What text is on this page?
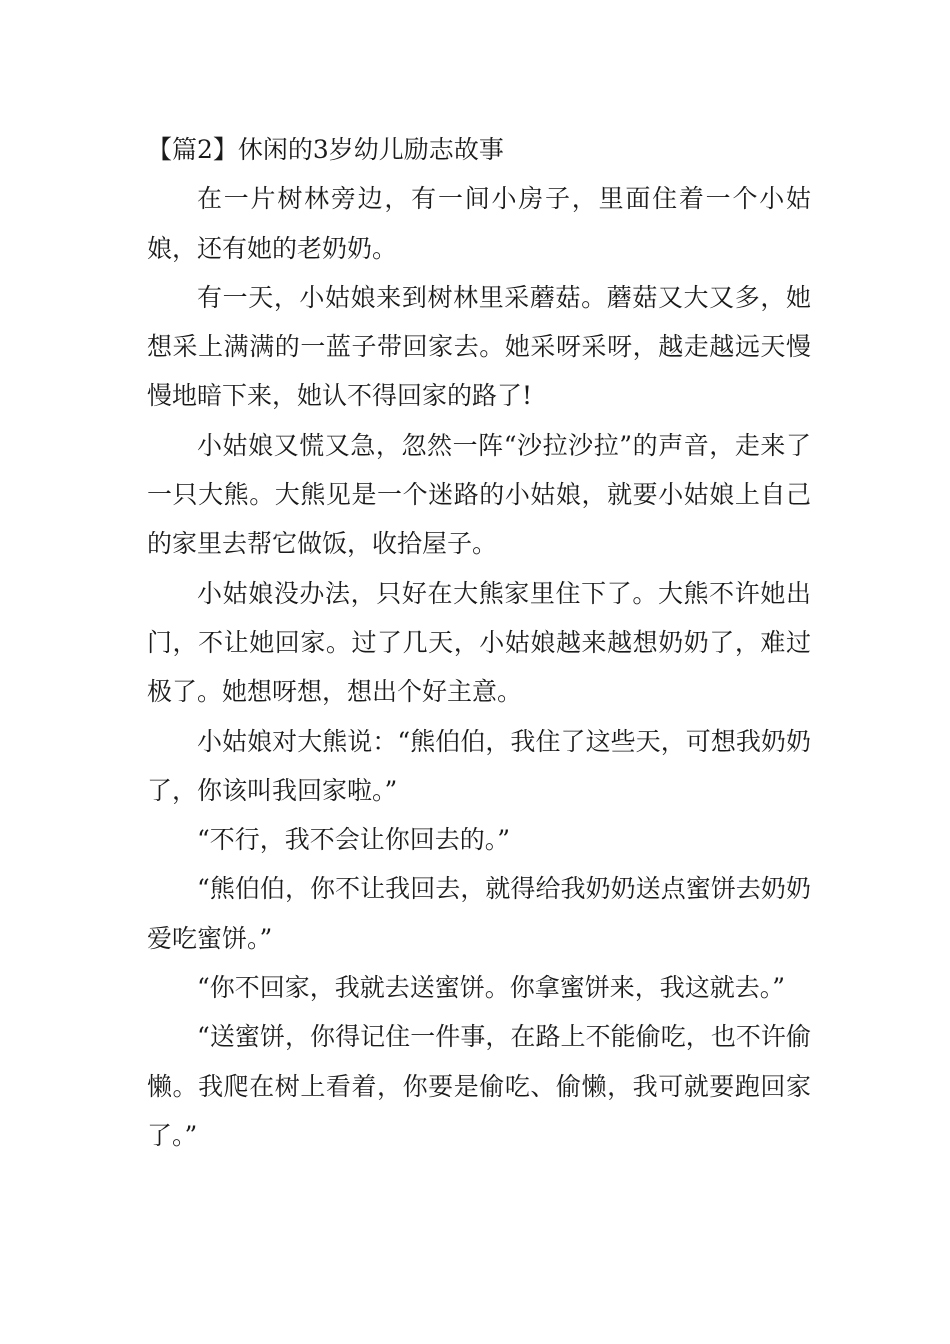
【篇2】休闲的3岁幼儿励志故事

在一片树林旁边，有一间小房子，里面住着一个小姑娘，还有她的老奶奶。

有一天，小姑娘来到树林里采蘑菇。蘑菇又大又多，她想采上满满的一蓝子带回家去。她采呀采呀，越走越远天慢慢地暗下来，她认不得回家的路了!

小姑娘又慌又急，忽然一阵“沙拉沙拉”的声音，走来了一只大熊。大熊见是一个迷路的小姑娘，就要小姑娘上自己的家里去帮它做饭，收拾屋子。

小姑娘没办法，只好在大熊家里住下了。大熊不许她出门，不让她回家。过了几天，小姑娘越来越想奶奶了，难过极了。她想呀想，想出个好主意。

小姑娘对大熊说：“熊伯伯，我住了这些天，可想我奶奶了，你该叫我回家啦。”

“不行，我不会让你回去的。”

“熊伯伯，你不让我回去，就得给我奶奶送点蜜饼去奶奶爱吃蜜饼。”

“你不回家，我就去送蜜饼。你拿蜜饼来，我这就去。”

“送蜜饼，你得记住一件事，在路上不能偷吃，也不许偷懒。我爬在树上看着，你要是偷吃、偷懒，我可就要跑回家了。”
